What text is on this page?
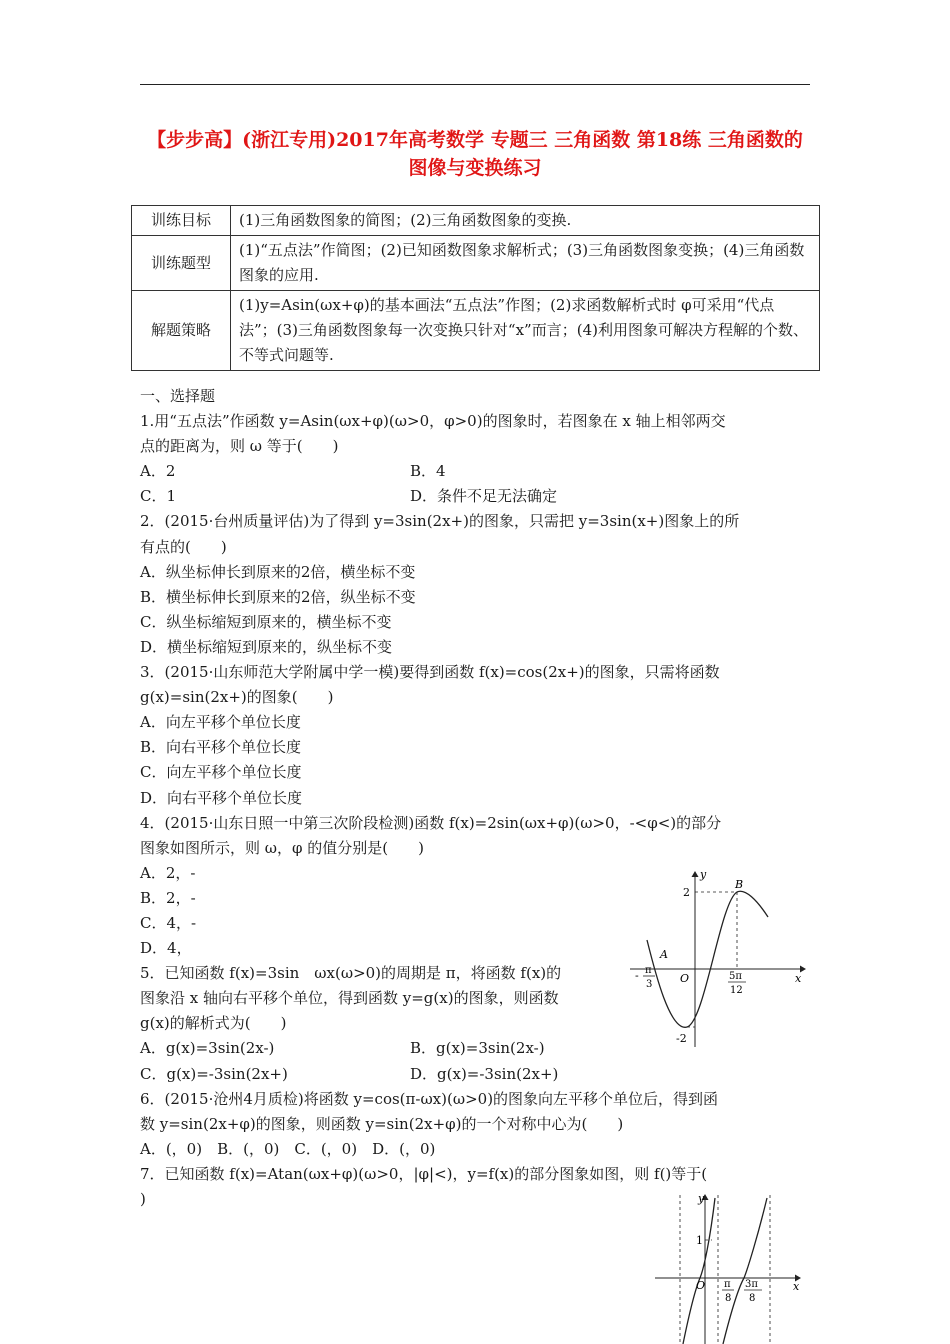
【步步高】(浙江专用)2017年高考数学 专题三 三角函数 第18练 三角函数的图像与变换练习
训练目标	(1)三角函数图象的简图；(2)三角函数图象的变换.
训练题型	(1)“五点法”作简图；(2)已知函数图象求解析式；(3)三角函数图象变换；(4)三角函数图象的应用.
解题策略	(1)y=Asin(ωx+φ)的基本画法“五点法”作图；(2)求函数解析式时 φ可采用“代点法”；(3)三角函数图象每一次变换只针对“x”而言；(4)利用图象可解决方程解的个数、不等式问题等.
一、选择题
1.用“五点法”作函数 y=Asin(ωx+φ)(ω>0，φ>0)的图象时，若图象在 x 轴上相邻两交
点的距离为，则 ω 等于(　　)
A．2	B．4
C．1	D．条件不足无法确定
2．(2015·台州质量评估)为了得到 y=3sin(2x+)的图象，只需把 y=3sin(x+)图象上的所
有点的(　　)
A．纵坐标伸长到原来的2倍，横坐标不变
B．横坐标伸长到原来的2倍，纵坐标不变
C．纵坐标缩短到原来的，横坐标不变
D．横坐标缩短到原来的，纵坐标不变
3．(2015·山东师范大学附属中学一模)要得到函数 f(x)=cos(2x+)的图象，只需将函数
g(x)=sin(2x+)的图象(　　)
A．向左平移个单位长度
B．向右平移个单位长度
C．向左平移个单位长度
D．向右平移个单位长度
4．(2015·山东日照一中第三次阶段检测)函数 f(x)=2sin(ωx+φ)(ω>0，-<φ<)的部分
图象如图所示，则 ω，φ 的值分别是(　　)
A．2，-
B．2，-
C．4，-
D．4，
5．已知函数 f(x)=3sin　ωx(ω>0)的周期是 π，将函数 f(x)的
图象沿 x 轴向右平移个单位，得到函数 y=g(x)的图象，则函数
g(x)的解析式为(　　)
A．g(x)=3sin(2x-)	B．g(x)=3sin(2x-)
C．g(x)=-3sin(2x+)	D．g(x)=-3sin(2x+)
6．(2015·沧州4月质检)将函数 y=cos(π-ωx)(ω>0)的图象向左平移个单位后，得到函
数 y=sin(2x+φ)的图象，则函数 y=sin(2x+φ)的一个对称中心为(　　)
A．(，0)　B．(，0)　C．(，0)　D．(，0)
7．已知函数 f(x)=Atan(ωx+φ)(ω>0，|φ|<)，y=f(x)的部分图象如图，则 f()等于(
)
y
x
2
-2
O
A
B
- π
3
5π
12
y
x
1
O π
8
3π
8
